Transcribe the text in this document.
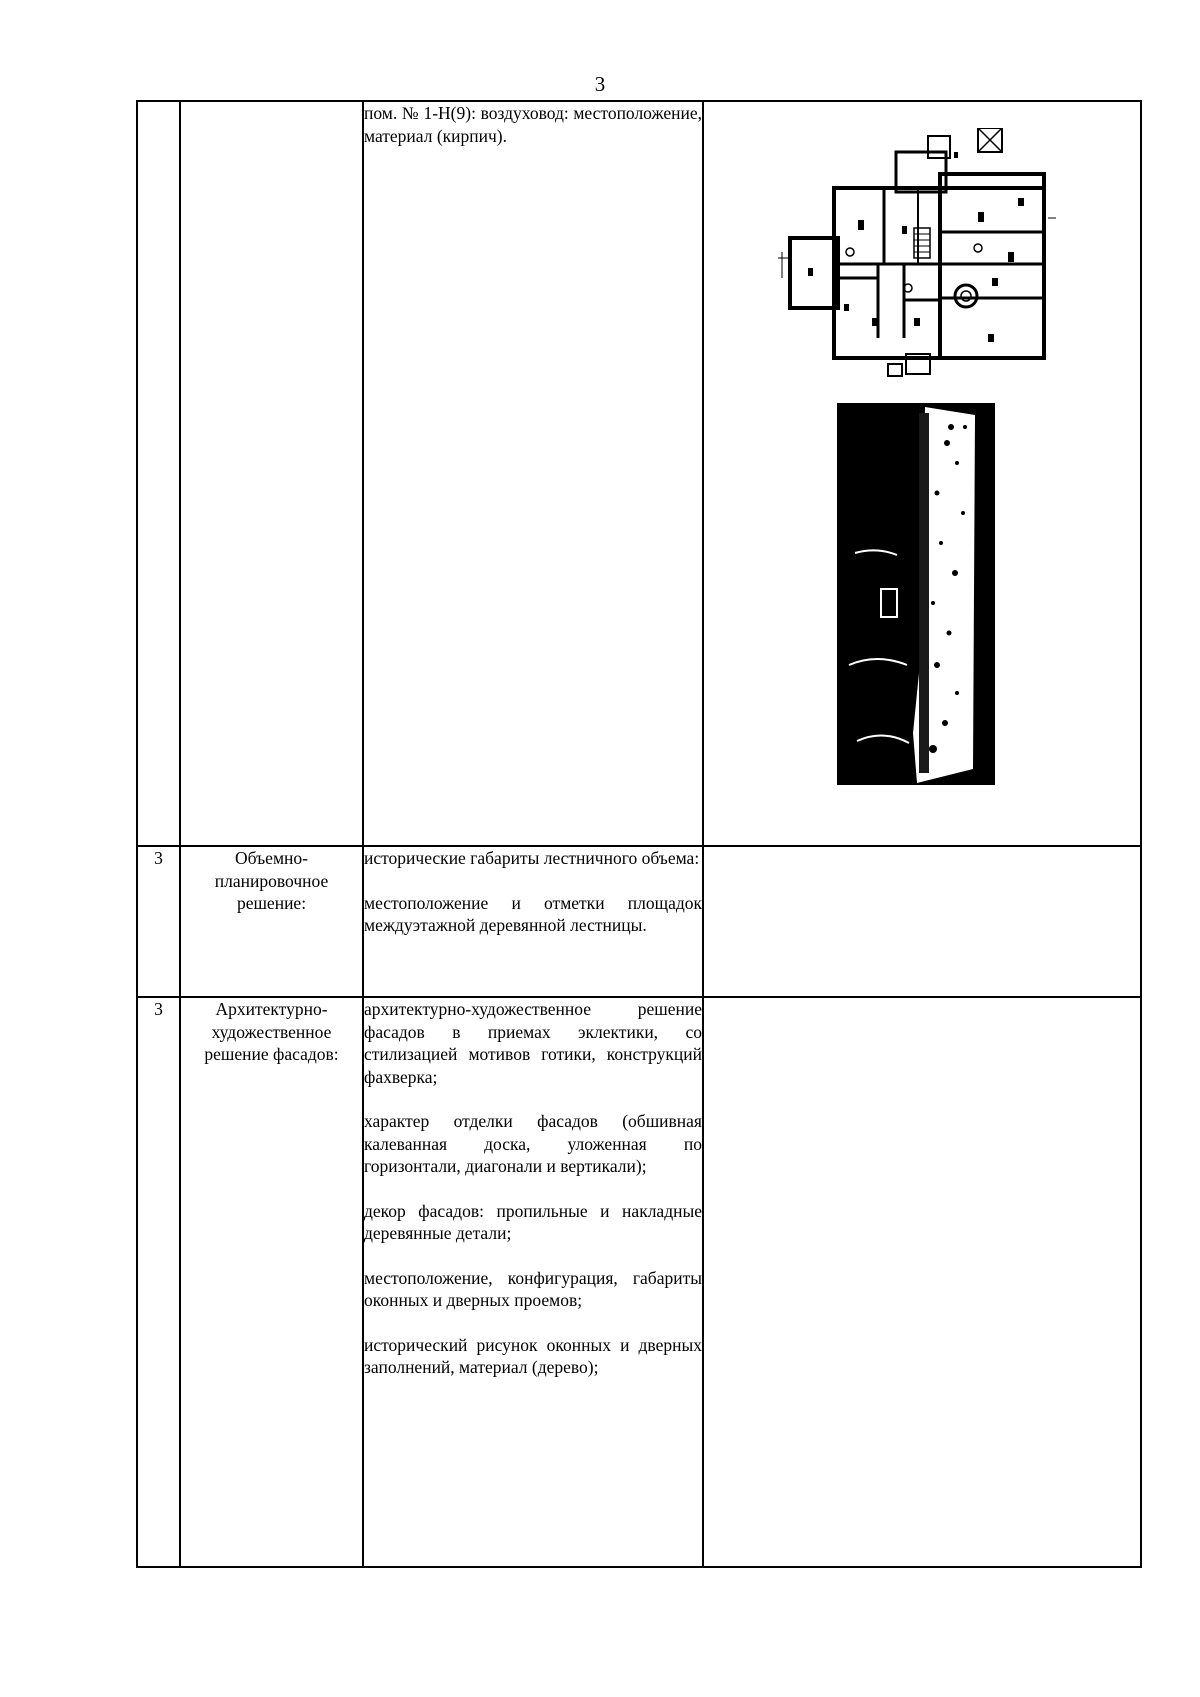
3

		пом. № 1-Н(9): воздуховод: местоположение, материал (кирпич).

3	Объемно-планировочное решение:	исторические габариты лестничного объема:

местоположение и отметки площадок междуэтажной деревянной лестницы.	

3	Архитектурно-художественное решение фасадов:	архитектурно-художественное решение фасадов в приемах эклектики, со стилизацией мотивов готики, конструкций фахверка;

характер отделки фасадов (обшивная калеванная доска, уложенная по горизонтали, диагонали и вертикали);

декор фасадов: пропильные и накладные деревянные детали;

местоположение, конфигурация, габариты оконных и дверных проемов;

исторический рисунок оконных и дверных заполнений, материал (дерево);	
